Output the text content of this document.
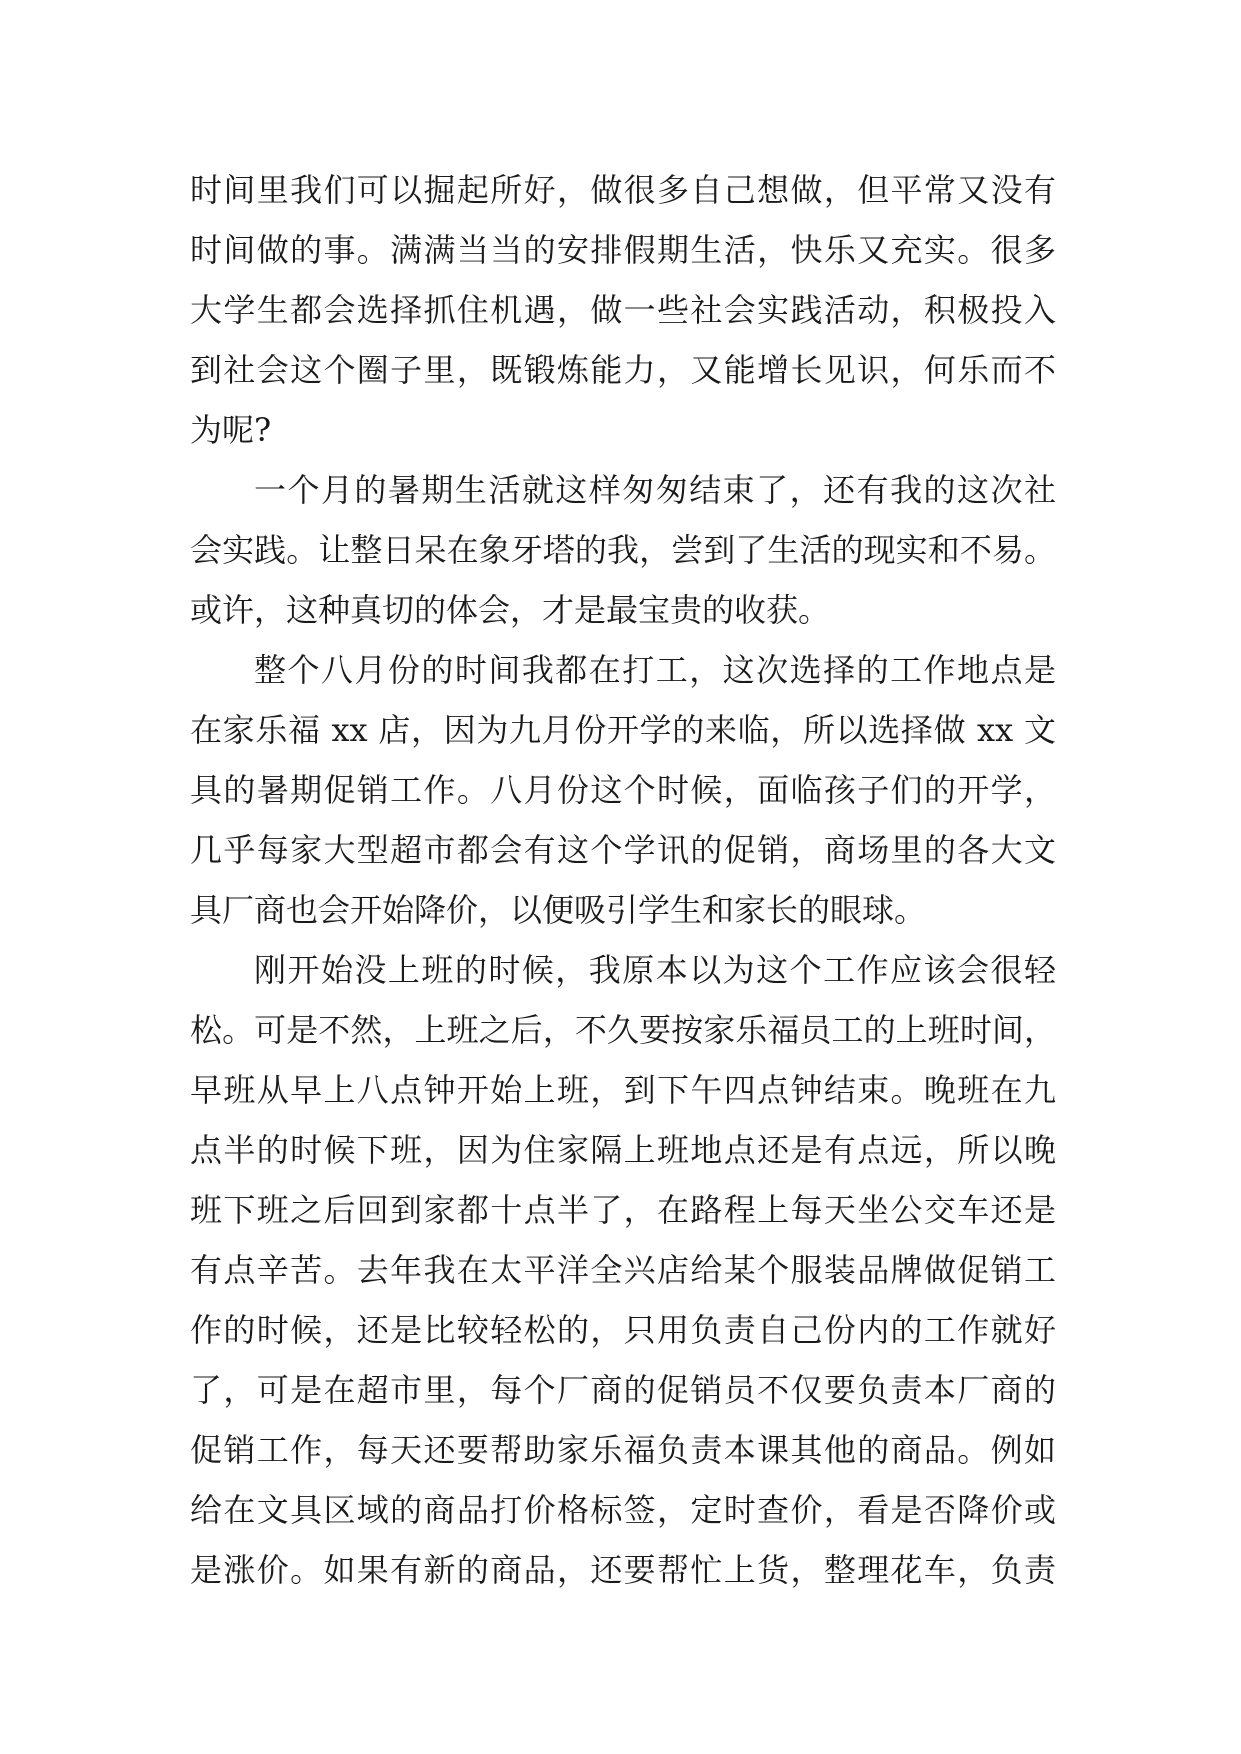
时间里我们可以掘起所好，做很多自己想做，但平常又没有
时间做的事。满满当当的安排假期生活，快乐又充实。很多
大学生都会选择抓住机遇，做一些社会实践活动，积极投入
到社会这个圈子里，既锻炼能力，又能增长见识，何乐而不
为呢?
一个月的暑期生活就这样匆匆结束了，还有我的这次社
会实践。让整日呆在象牙塔的我，尝到了生活的现实和不易。
或许，这种真切的体会，才是最宝贵的收获。
整个八月份的时间我都在打工，这次选择的工作地点是
在家乐福 xx 店，因为九月份开学的来临，所以选择做 xx 文
具的暑期促销工作。八月份这个时候，面临孩子们的开学，
几乎每家大型超市都会有这个学讯的促销，商场里的各大文
具厂商也会开始降价，以便吸引学生和家长的眼球。
刚开始没上班的时候，我原本以为这个工作应该会很轻
松。可是不然，上班之后，不久要按家乐福员工的上班时间，
早班从早上八点钟开始上班，到下午四点钟结束。晚班在九
点半的时候下班，因为住家隔上班地点还是有点远，所以晚
班下班之后回到家都十点半了，在路程上每天坐公交车还是
有点辛苦。去年我在太平洋全兴店给某个服装品牌做促销工
作的时候，还是比较轻松的，只用负责自己份内的工作就好
了，可是在超市里，每个厂商的促销员不仅要负责本厂商的
促销工作，每天还要帮助家乐福负责本课其他的商品。例如
给在文具区域的商品打价格标签，定时查价，看是否降价或
是涨价。如果有新的商品，还要帮忙上货，整理花车，负责
